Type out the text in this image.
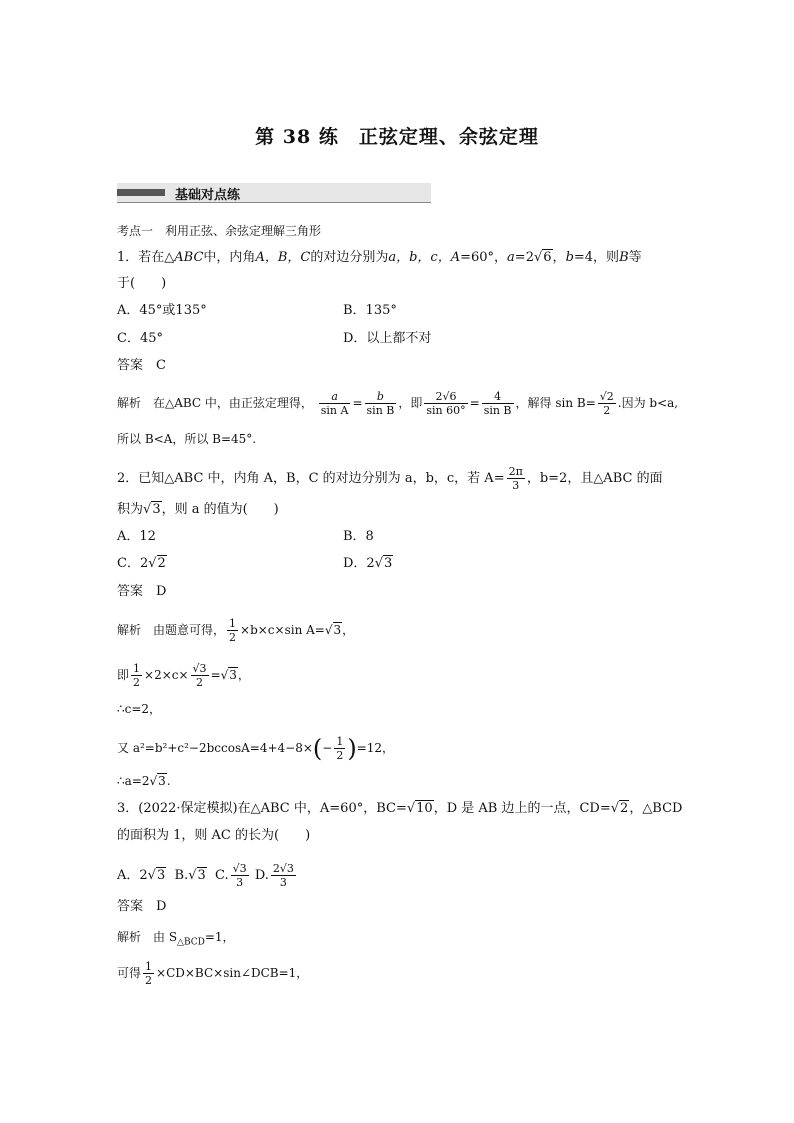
第 38 练　正弦定理、余弦定理
基础对点练
考点一　利用正弦、余弦定理解三角形
1．若在△ABC中，内角A，B，C的对边分别为a，b，c，A=60°，a=2√6，b=4，则B等
于(　　)
A．45°或135°	B．135°
C．45°	D．以上都不对
答案　C
解析　在△ABC 中，由正弦定理得， $\frac{a}{\text{sin A}} = \frac{b}{\text{sin B}}$ ，即 $\frac{2√6}{\sin 60^\circ} = \frac{4}{\text{sin B}}$ ，解得 $\sin B= \frac{√2}{2}$ .因为 b<a,
所以 B<A，所以 B=45°.
2．已知△ABC 中，内角 A，B，C 的对边分别为 a，b，c，若 $A= \frac{2\pi}{3}$ ，b=2，且△ABC 的面
积为√3，则 a 的值为(　　)
A．12	B．8
C．2√2	D．2√3
答案　D
解析　由题意可得， $\frac{1}{2} \times b\times c\times\sin$ A=√3，
即 $\frac{1}{2} \times 2\times c\times \frac{√3}{2} =√3$，
∴c=2，
又 $a^2=b^2+c^2-2bccosA=4+4-8\times(- \frac{1}{2} )=12$，
∴a=2√3.
3．(2022·保定模拟)在△ABC 中，A=60°，BC=√10，D 是 AB 边上的一点，CD=√2，△BCD
的面积为 1，则 AC 的长为(　　)
A．2√3 B.√3 C. $\frac{√3}{3} D$. $\frac{2√3}{3}$
答案　D
解析　由 $S_{\triangle BCD}=1$，
可得 $\frac{1}{2}$ ×CD×BC×sin∠DCB=1，
